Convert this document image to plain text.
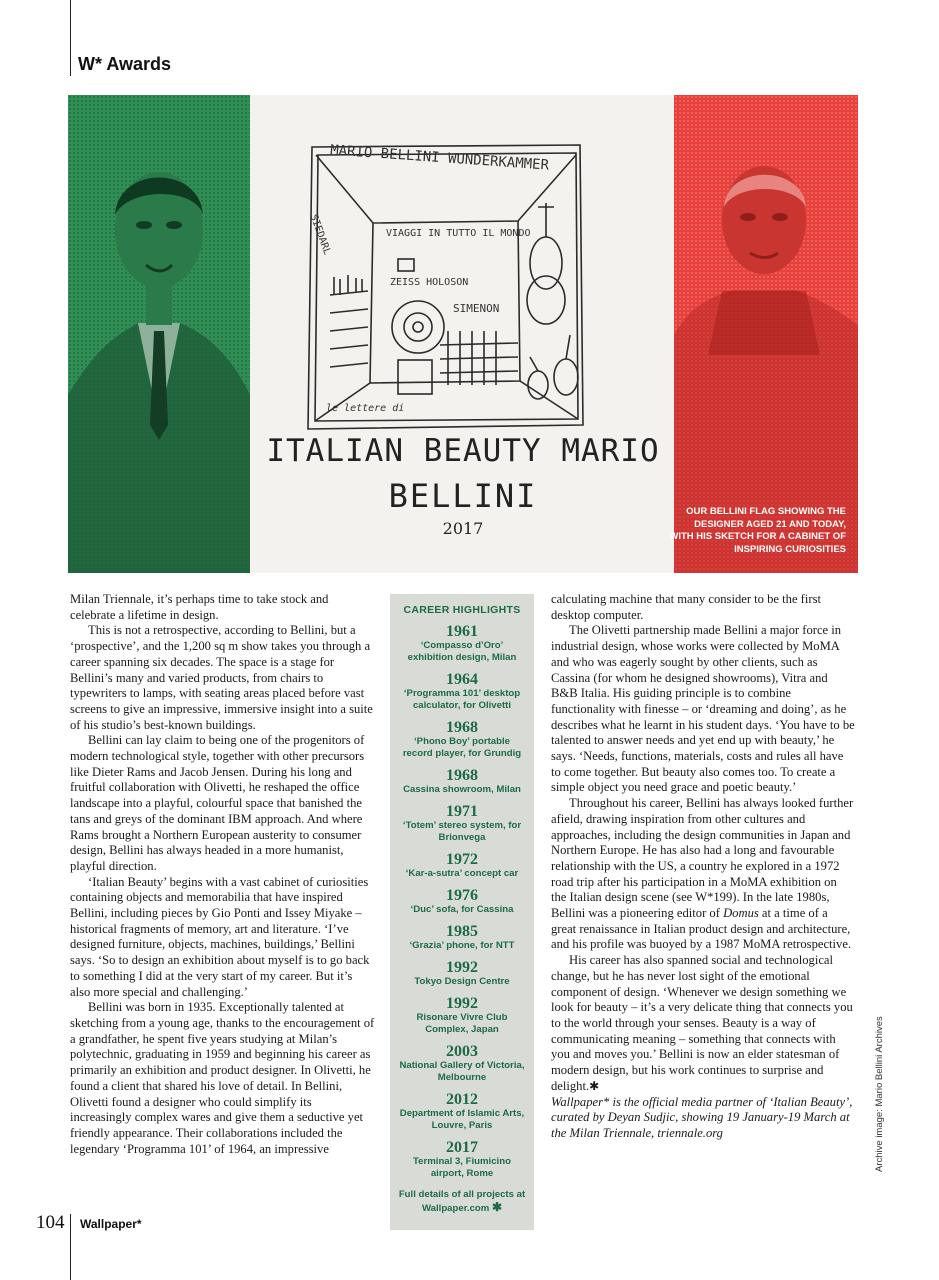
W* Awards
MARIO BELLINI WUNDERKAMMER
VIAGGI IN TUTTO IL MONDO
ZEISS HOLOSON
SIMENON
SIEDARL
le lettere di
ITALIAN BEAUTY MARIO
BELLINI
2017
OUR BELLINI FLAG SHOWING THE DESIGNER AGED 21 AND TODAY, WITH HIS SKETCH FOR A CABINET OF INSPIRING CURIOSITIES

Milan Triennale, it’s perhaps time to take stock and celebrate a lifetime in design.

This is not a retrospective, according to Bellini, but a ‘prospective’, and the 1,200 sq m show takes you through a career spanning six decades. The space is a stage for Bellini’s many and varied products, from chairs to typewriters to lamps, with seating areas placed before vast screens to give an impressive, immersive insight into a suite of his studio’s best-known buildings.

Bellini can lay claim to being one of the progenitors of modern technological style, together with other precursors like Dieter Rams and Jacob Jensen. During his long and fruitful collaboration with Olivetti, he reshaped the office landscape into a playful, colourful space that banished the tans and greys of the dominant IBM approach. And where Rams brought a Northern European austerity to consumer design, Bellini has always headed in a more humanist, playful direction.

‘Italian Beauty’ begins with a vast cabinet of curiosities containing objects and memorabilia that have inspired Bellini, including pieces by Gio Ponti and Issey Miyake – historical fragments of memory, art and literature. ‘I’ve designed furniture, objects, machines, buildings,’ Bellini says. ‘So to design an exhibition about myself is to go back to something I did at the very start of my career. But it’s also more special and challenging.’

Bellini was born in 1935. Exceptionally talented at sketching from a young age, thanks to the encouragement of a grandfather, he spent five years studying at Milan’s polytechnic, graduating in 1959 and beginning his career as primarily an exhibition and product designer. In Olivetti, he found a client that shared his love of detail. In Bellini, Olivetti found a designer who could simplify its increasingly complex wares and give them a seductive yet friendly appearance. Their collaborations included the legendary ‘Programma 101’ of 1964, an impressive

CAREER HIGHLIGHTS
1961
‘Compasso d’Oro’ exhibition design, Milan
1964
‘Programma 101’ desktop calculator, for Olivetti
1968
‘Phono Boy’ portable record player, for Grundig
1968
Cassina showroom, Milan
1971
‘Totem’ stereo system, for Brionvega
1972
‘Kar-a-sutra’ concept car
1976
‘Duc’ sofa, for Cassina
1985
‘Grazia’ phone, for NTT
1992
Tokyo Design Centre
1992
Risonare Vivre Club Complex, Japan
2003
National Gallery of Victoria, Melbourne
2012
Department of Islamic Arts, Louvre, Paris
2017
Terminal 3, Fiumicino airport, Rome
Full details of all projects at Wallpaper.com ✱

calculating machine that many consider to be the first desktop computer.

The Olivetti partnership made Bellini a major force in industrial design, whose works were collected by MoMA and who was eagerly sought by other clients, such as Cassina (for whom he designed showrooms), Vitra and B&B Italia. His guiding principle is to combine functionality with finesse – or ‘dreaming and doing’, as he describes what he learnt in his student days. ‘You have to be talented to answer needs and yet end up with beauty,’ he says. ‘Needs, functions, materials, costs and rules all have to come together. But beauty also comes too. To create a simple object you need grace and poetic beauty.’

Throughout his career, Bellini has always looked further afield, drawing inspiration from other cultures and approaches, including the design communities in Japan and Northern Europe. He has also had a long and favourable relationship with the US, a country he explored in a 1972 road trip after his participation in a MoMA exhibition on the Italian design scene (see W*199). In the late 1980s, Bellini was a pioneering editor of Domus at a time of a great renaissance in Italian product design and architecture, and his profile was buoyed by a 1987 MoMA retrospective.

His career has also spanned social and technological change, but he has never lost sight of the emotional component of design. ‘Whenever we design something we look for beauty – it’s a very delicate thing that connects you to the world through your senses. Beauty is a way of communicating meaning – something that connects with you and moves you.’ Bellini is now an elder statesman of modern design, but his work continues to surprise and delight.✱

Wallpaper* is the official media partner of ‘Italian Beauty’, curated by Deyan Sudjic, showing 19 January-19 March at the Milan Triennale, triennale.org	Archive image: Mario Bellini Archives
104 Wallpaper*
